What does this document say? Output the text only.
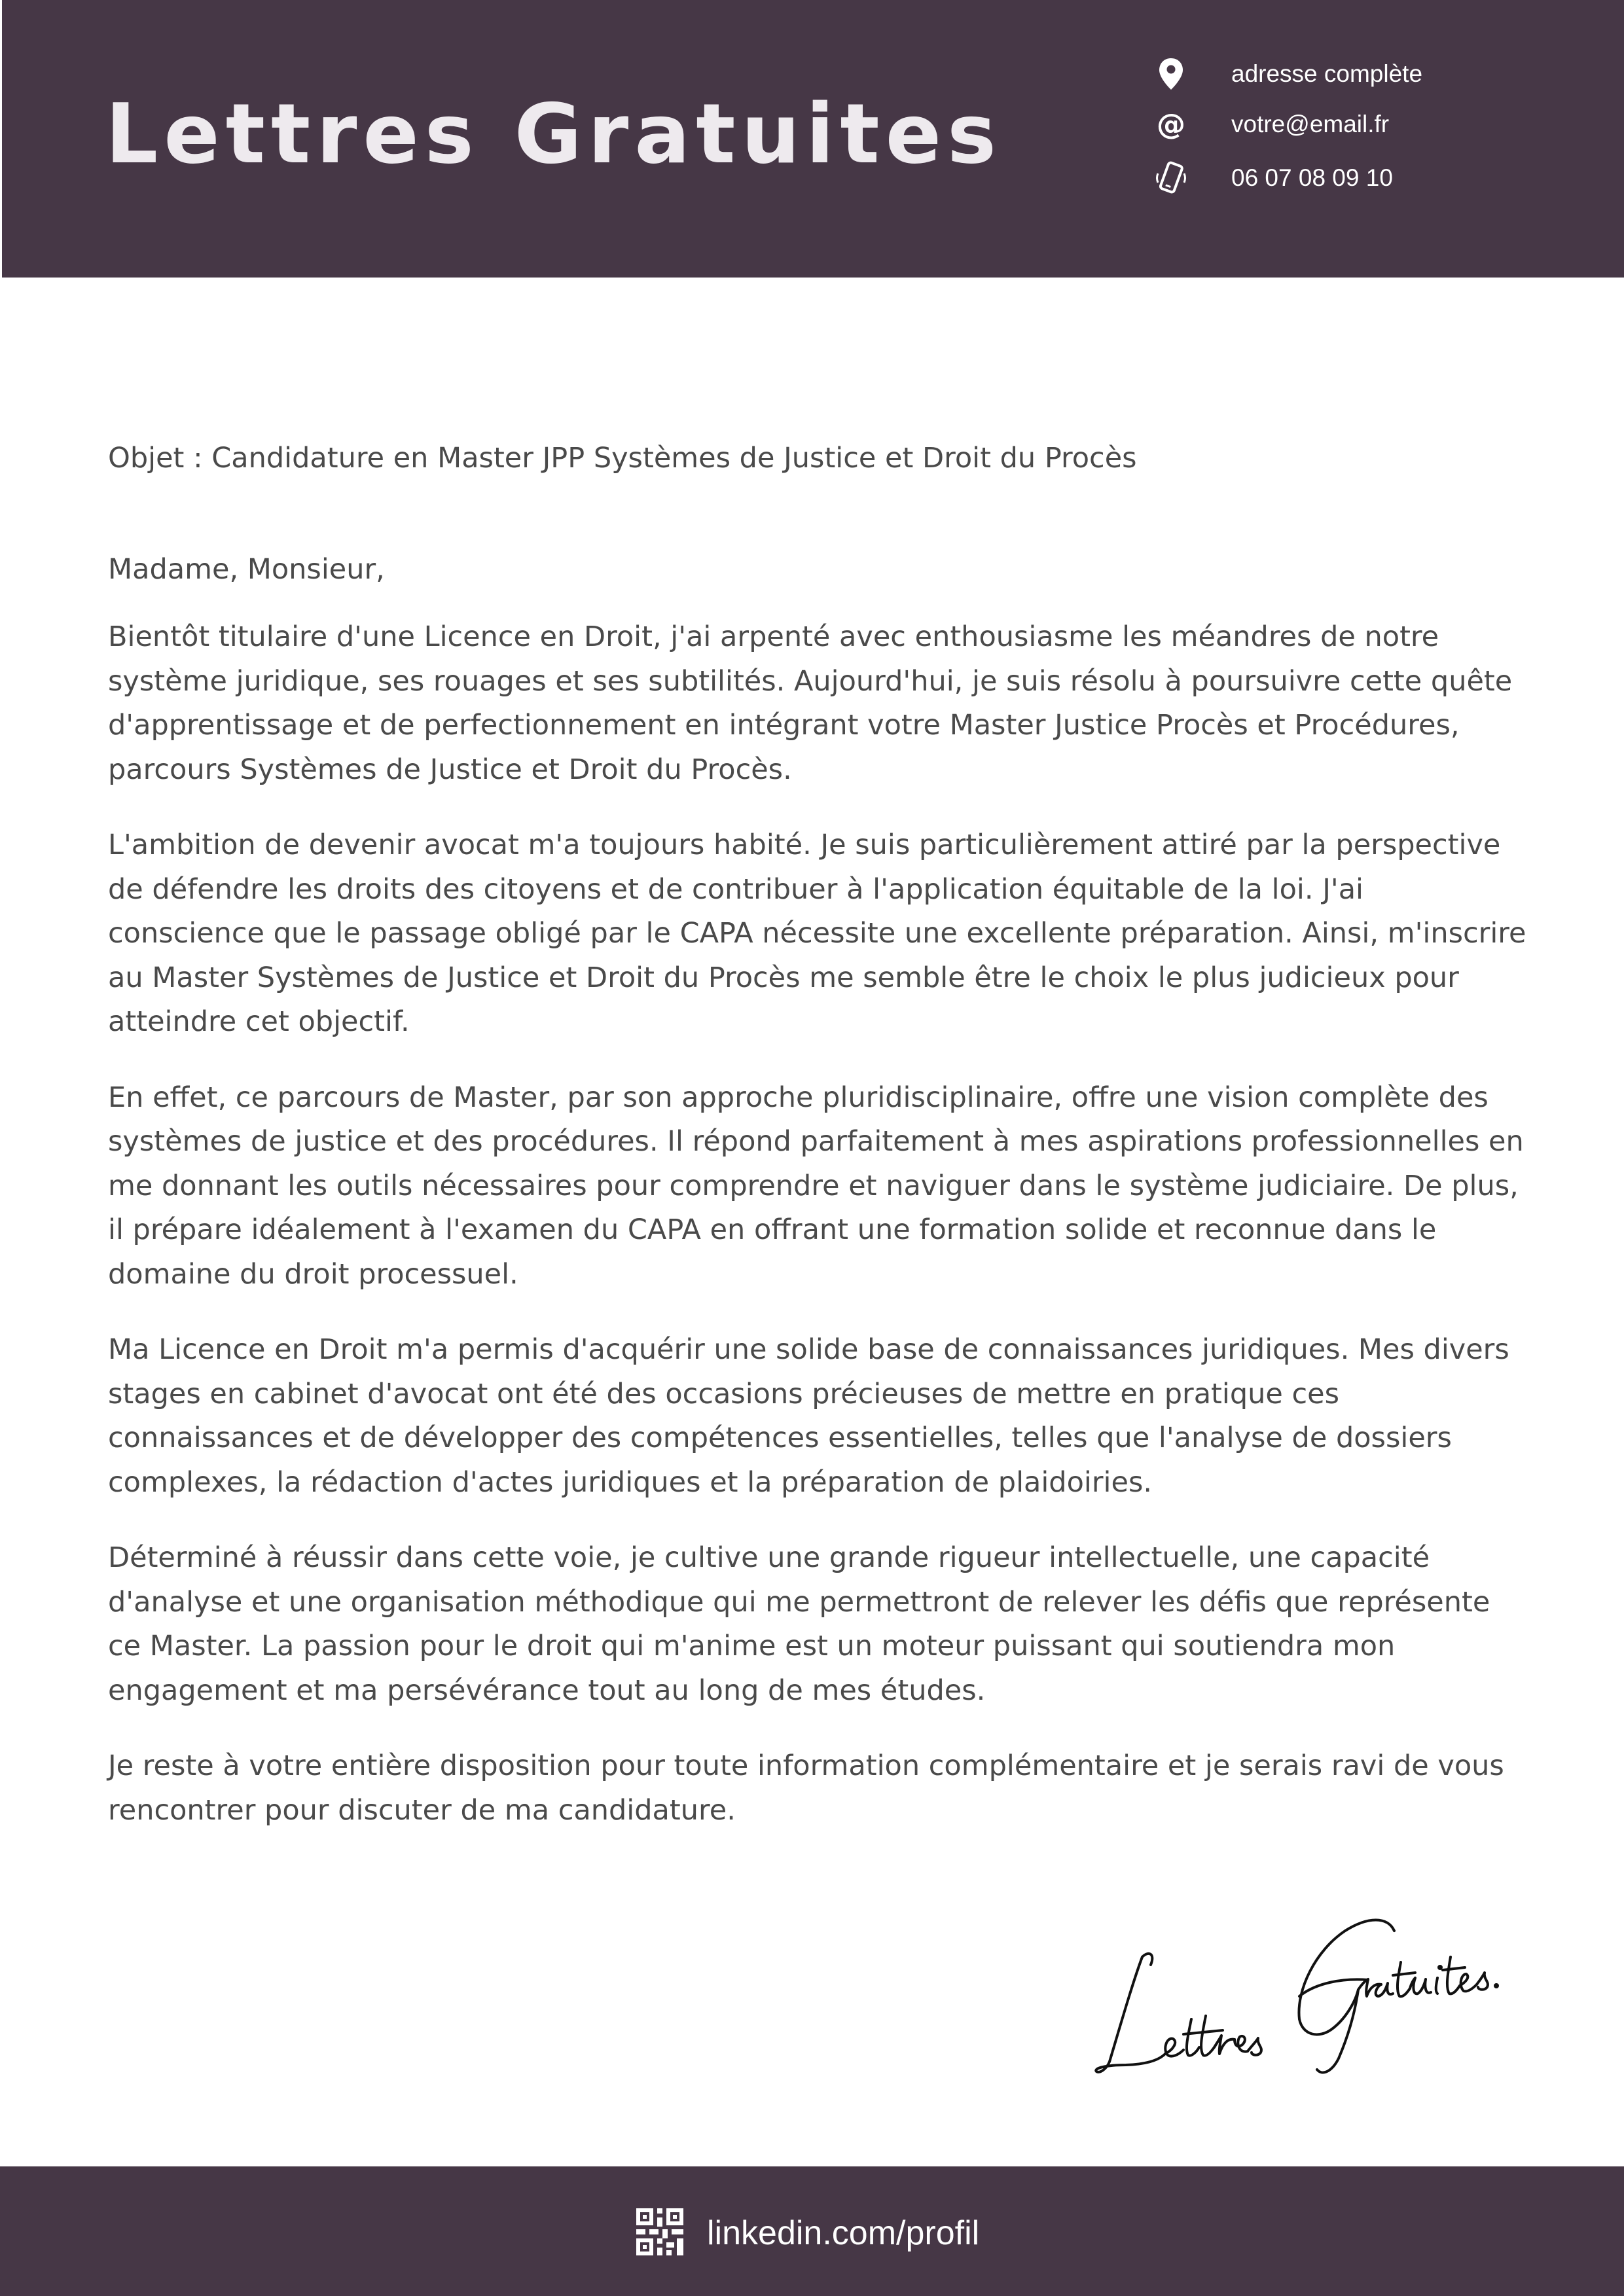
Lettres Gratuites
adresse complète
@ votre@email.fr
06 07 08 09 10
Objet : Candidature en Master JPP Systèmes de Justice et Droit du Procès
Madame, Monsieur,

Bientôt titulaire d'une Licence en Droit, j'ai arpenté avec enthousiasme les méandres de notre système juridique, ses rouages et ses subtilités. Aujourd'hui, je suis résolu à poursuivre cette quête d'apprentissage et de perfectionnement en intégrant votre Master Justice Procès et Procédures, parcours Systèmes de Justice et Droit du Procès.

L'ambition de devenir avocat m'a toujours habité. Je suis particulièrement attiré par la perspective de défendre les droits des citoyens et de contribuer à l'application équitable de la loi. J'ai conscience que le passage obligé par le CAPA nécessite une excellente préparation. Ainsi, m'inscrire au Master Systèmes de Justice et Droit du Procès me semble être le choix le plus judicieux pour atteindre cet objectif.

En effet, ce parcours de Master, par son approche pluridisciplinaire, offre une vision complète des systèmes de justice et des procédures. Il répond parfaitement à mes aspirations professionnelles en me donnant les outils nécessaires pour comprendre et naviguer dans le système judiciaire. De plus, il prépare idéalement à l'examen du CAPA en offrant une formation solide et reconnue dans le domaine du droit processuel.

Ma Licence en Droit m'a permis d'acquérir une solide base de connaissances juridiques. Mes divers stages en cabinet d'avocat ont été des occasions précieuses de mettre en pratique ces connaissances et de développer des compétences essentielles, telles que l'analyse de dossiers complexes, la rédaction d'actes juridiques et la préparation de plaidoiries.

Déterminé à réussir dans cette voie, je cultive une grande rigueur intellectuelle, une capacité d'analyse et une organisation méthodique qui me permettront de relever les défis que représente ce Master. La passion pour le droit qui m'anime est un moteur puissant qui soutiendra mon engagement et ma persévérance tout au long de mes études.

Je reste à votre entière disposition pour toute information complémentaire et je serais ravi de vous rencontrer pour discuter de ma candidature.

linkedin.com/profil
